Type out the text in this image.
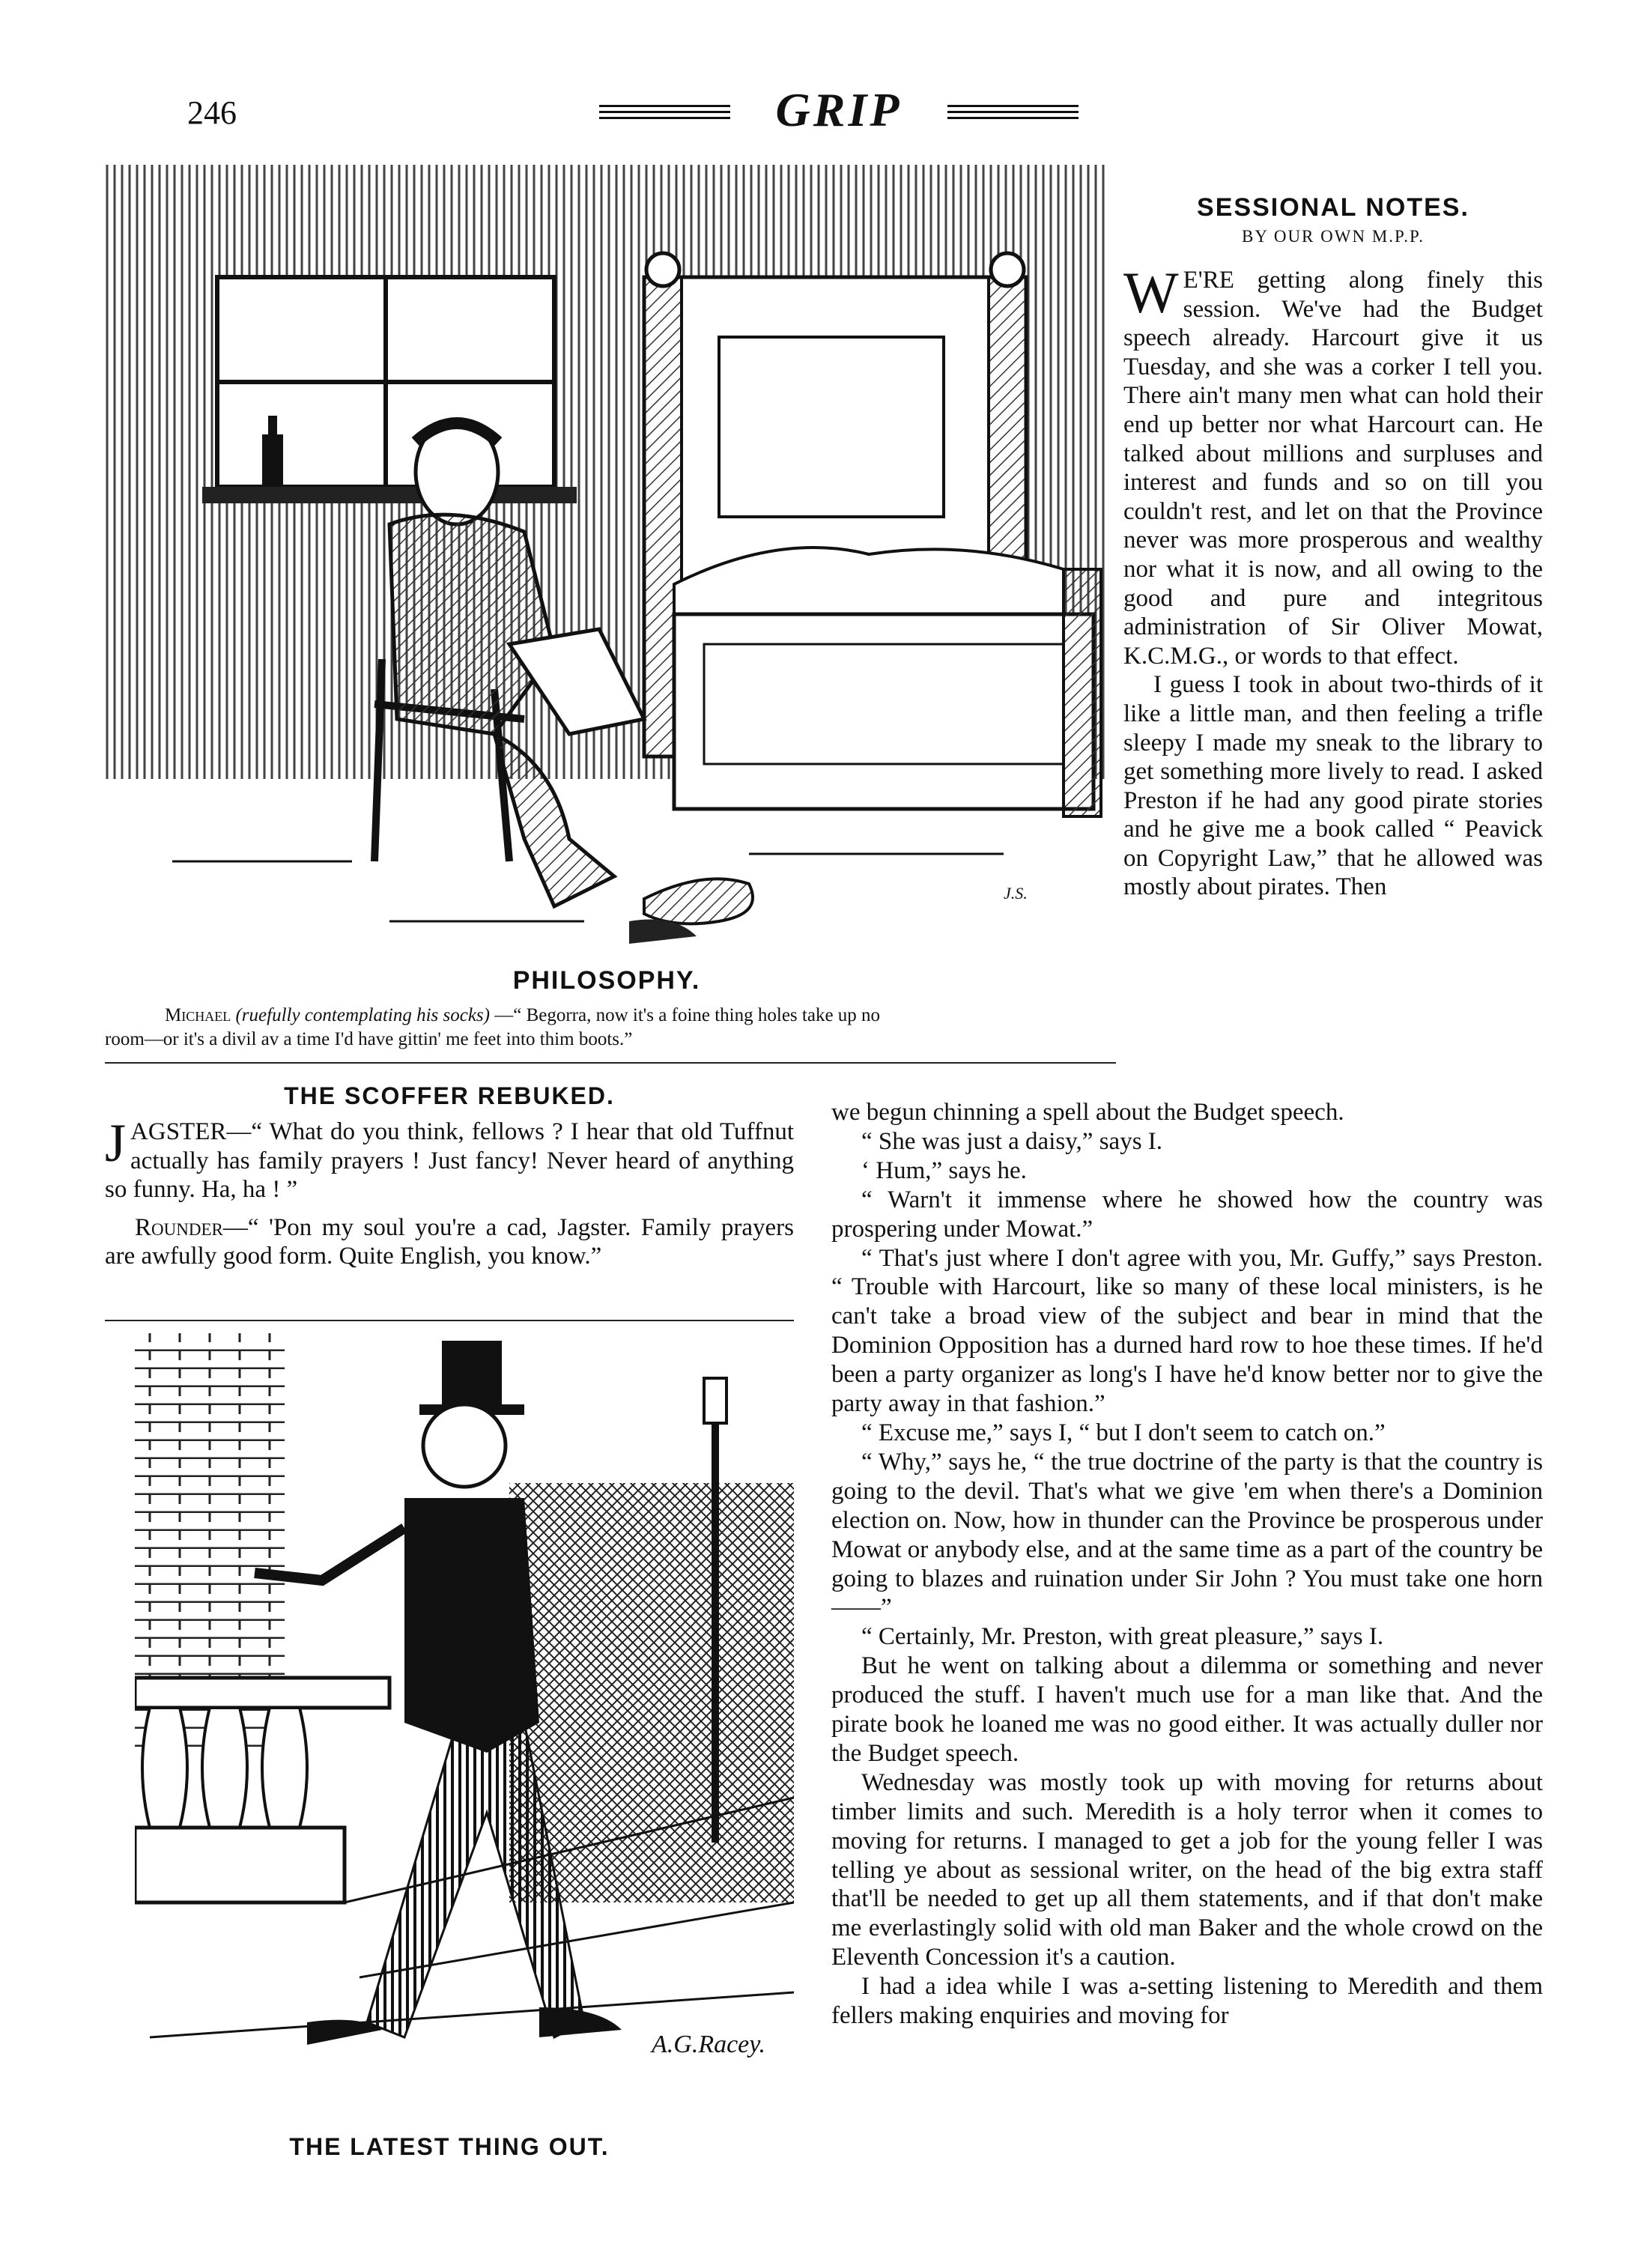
246	GRIP
J.S.
PHILOSOPHY.
Michael (ruefully contemplating his socks) —“ Begorra, now it's a foine thing holes take up no
room—or it's a divil av a time I'd have gittin' me feet into thim boots.”
SESSIONAL NOTES.
BY OUR OWN M.P.P.

W E'RE getting along finely this session. We've had the Budget speech already. Harcourt give it us Tuesday, and she was a corker I tell you. There ain't many men what can hold their end up better nor what Harcourt can. He talked about millions and surpluses and interest and funds and so on till you couldn't rest, and let on that the Province never was more prosperous and wealthy nor what it is now, and all owing to the good and pure and integritous administration of Sir Oliver Mowat, K.C.M.G., or words to that effect.

I guess I took in about two-thirds of it like a little man, and then feeling a trifle sleepy I made my sneak to the library to get something more lively to read. I asked Preston if he had any good pirate stories and he give me a book called “ Peavick on Copyright Law,” that he allowed was mostly about pirates. Then

THE SCOFFER REBUKED.

JAGSTER—“ What do you think, fellows ? I hear that old Tuffnut actually has family prayers ! Just fancy! Never heard of anything so funny. Ha, ha ! ”

Rounder—“ 'Pon my soul you're a cad, Jagster. Family prayers are awfully good form. Quite English, you know.”

A.G.Racey.
THE LATEST THING OUT.

we begun chinning a spell about the Budget speech.

“ She was just a daisy,” says I.

‘ Hum,” says he.

“ Warn't it immense where he showed how the country was prospering under Mowat.”

“ That's just where I don't agree with you, Mr. Guffy,” says Preston. “ Trouble with Harcourt, like so many of these local ministers, is he can't take a broad view of the subject and bear in mind that the Dominion Opposition has a durned hard row to hoe these times. If he'd been a party organizer as long's I have he'd know better nor to give the party away in that fashion.”

“ Excuse me,” says I, “ but I don't seem to catch on.”

“ Why,” says he, “ the true doctrine of the party is that the country is going to the devil. That's what we give 'em when there's a Dominion election on. Now, how in thunder can the Province be prosperous under Mowat or anybody else, and at the same time as a part of the country be going to blazes and ruination under Sir John ? You must take one horn——”

“ Certainly, Mr. Preston, with great pleasure,” says I.

But he went on talking about a dilemma or something and never produced the stuff. I haven't much use for a man like that. And the pirate book he loaned me was no good either. It was actually duller nor the Budget speech.

Wednesday was mostly took up with moving for returns about timber limits and such. Meredith is a holy terror when it comes to moving for returns. I managed to get a job for the young feller I was telling ye about as sessional writer, on the head of the big extra staff that'll be needed to get up all them statements, and if that don't make me everlastingly solid with old man Baker and the whole crowd on the Eleventh Concession it's a caution.

I had a idea while I was a-setting listening to Meredith and them fellers making enquiries and moving for
